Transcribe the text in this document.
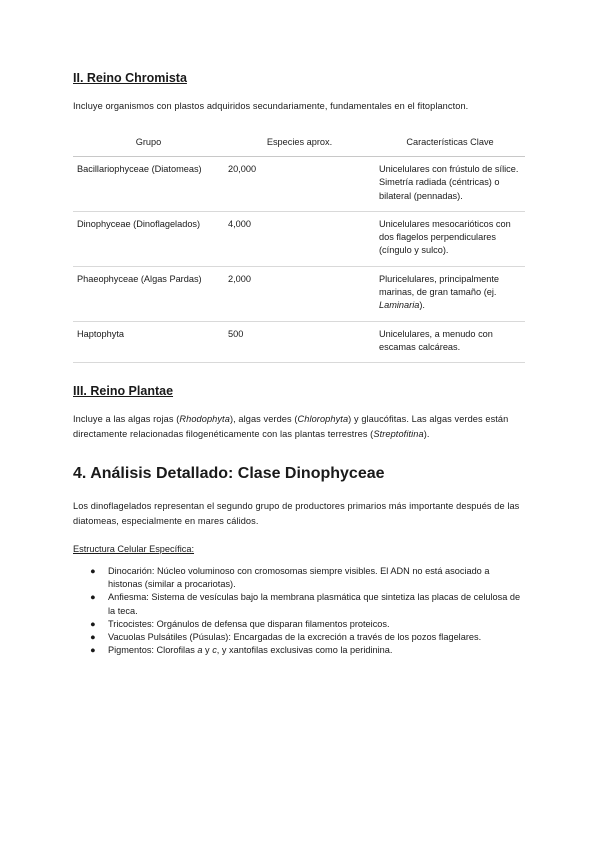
II. Reino Chromista
Incluye organismos con plastos adquiridos secundariamente, fundamentales en el fitoplancton.
Grupo	Especies aprox.	Características Clave
Bacillariophyceae (Diatomeas)	20,000	Unicelulares con frústulo de sílice. Simetría radiada (céntricas) o bilateral (pennadas).
Dinophyceae (Dinoflagelados)	4,000	Unicelulares mesocarióticos con dos flagelos perpendiculares (cíngulo y sulco).
Phaeophyceae (Algas Pardas)	2,000	Pluricelulares, principalmente marinas, de gran tamaño (ej. Laminaria).
Haptophyta	500	Unicelulares, a menudo con escamas calcáreas.
III. Reino Plantae
Incluye a las algas rojas (Rhodophyta), algas verdes (Chlorophyta) y glaucófitas. Las algas verdes están directamente relacionadas filogenéticamente con las plantas terrestres (Streptofitina).
4. Análisis Detallado: Clase Dinophyceae
Los dinoflagelados representan el segundo grupo de productores primarios más importante después de las diatomeas, especialmente en mares cálidos.
Estructura Celular Específica:
● Dinocarión: Núcleo voluminoso con cromosomas siempre visibles. El ADN no está asociado a histonas (similar a procariotas).
● Anfiesma: Sistema de vesículas bajo la membrana plasmática que sintetiza las placas de celulosa de la teca.
● Tricocistes: Orgánulos de defensa que disparan filamentos proteicos.
● Vacuolas Pulsátiles (Púsulas): Encargadas de la excreción a través de los pozos flagelares.
● Pigmentos: Clorofilas a y c, y xantofilas exclusivas como la peridinina.
